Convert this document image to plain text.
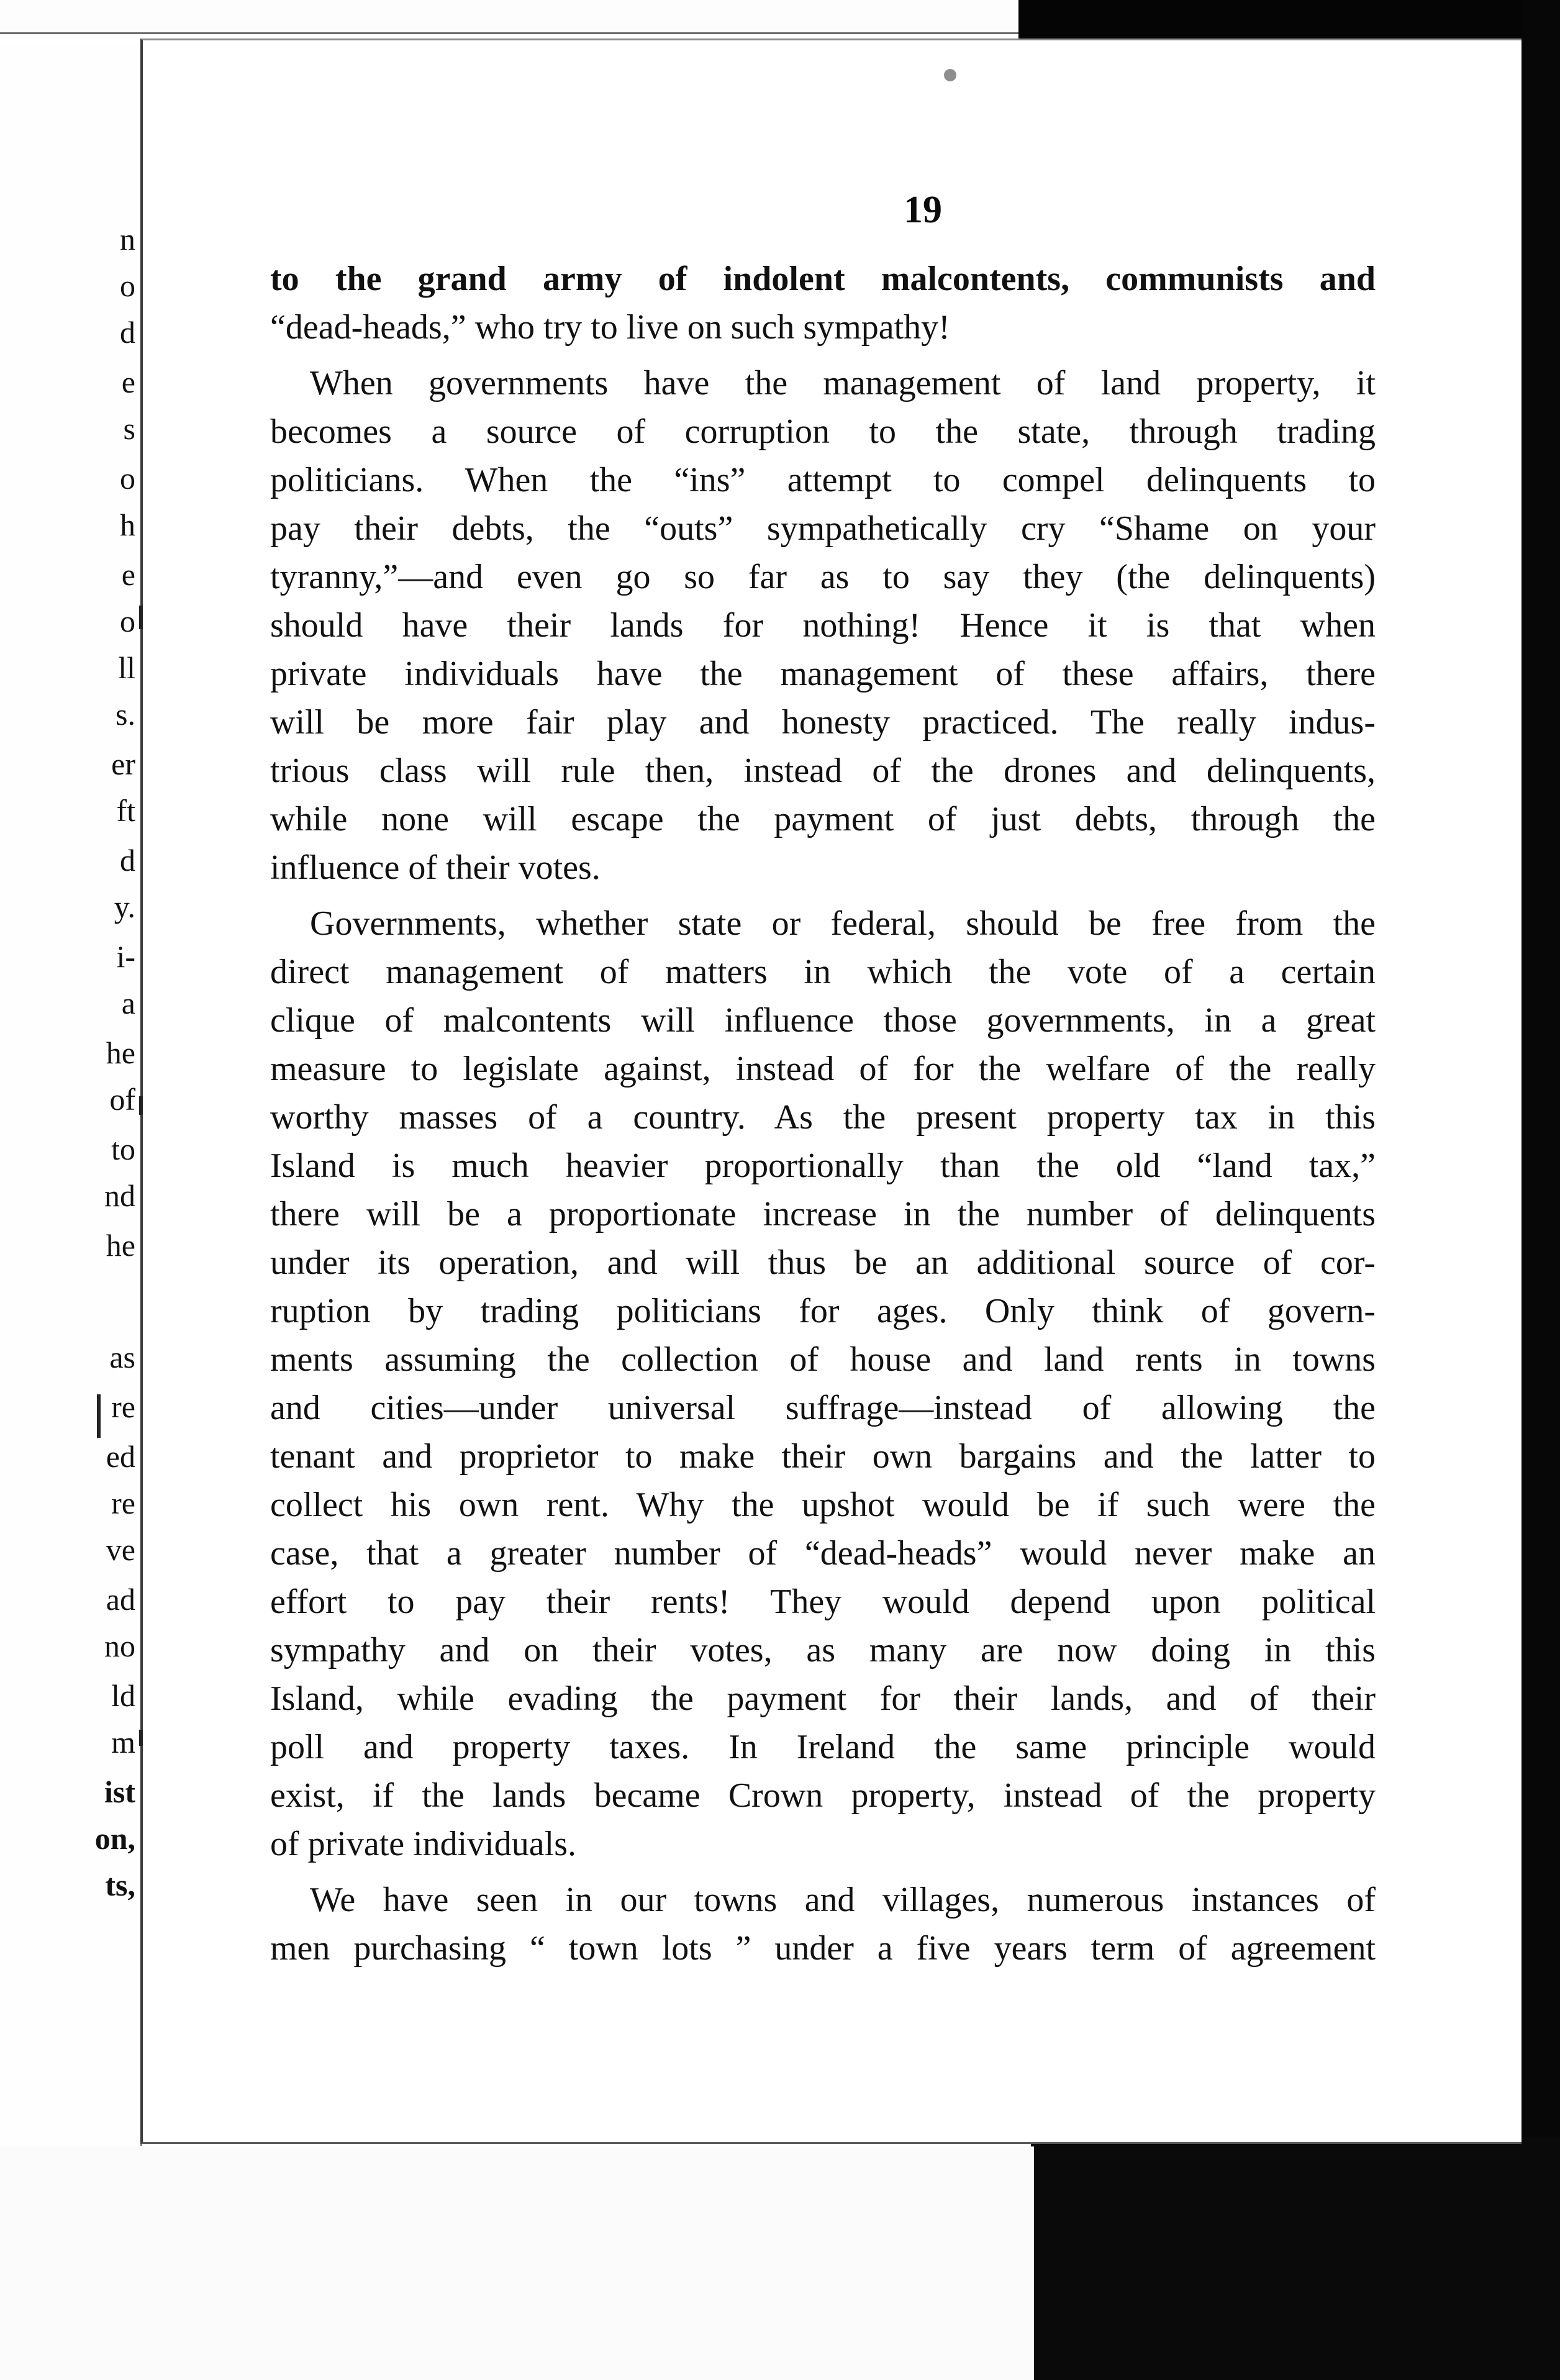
n
o
d
e
s
o
h
e
o
ll
s.
er
ft
d
y.
i-
a
he
of
to
nd
he
as
re
ed
re
ve
ad
no
ld
m
ist
on,
ts,
19
to the grand army of indolent malcontents, communists and
“dead-heads,” who try to live on such sympathy!
When governments have the management of land property, it
becomes a source of corruption to the state, through trading
politicians. When the “ins” attempt to compel delinquents to
pay their debts, the “outs” sympathetically cry “Shame on your
tyranny,”—and even go so far as to say they (the delinquents)
should have their lands for nothing! Hence it is that when
private individuals have the management of these affairs, there
will be more fair play and honesty practiced. The really indus-
trious class will rule then, instead of the drones and delinquents,
while none will escape the payment of just debts, through the
influence of their votes.
Governments, whether state or federal, should be free from the
direct management of matters in which the vote of a certain
clique of malcontents will influence those governments, in a great
measure to legislate against, instead of for the welfare of the really
worthy masses of a country. As the present property tax in this
Island is much heavier proportionally than the old “land tax,”
there will be a proportionate increase in the number of delinquents
under its operation, and will thus be an additional source of cor-
ruption by trading politicians for ages. Only think of govern-
ments assuming the collection of house and land rents in towns
and cities—under universal suffrage—instead of allowing the
tenant and proprietor to make their own bargains and the latter to
collect his own rent. Why the upshot would be if such were the
case, that a greater number of “dead-heads” would never make an
effort to pay their rents! They would depend upon political
sympathy and on their votes, as many are now doing in this
Island, while evading the payment for their lands, and of their
poll and property taxes. In Ireland the same principle would
exist, if the lands became Crown property, instead of the property
of private individuals.
We have seen in our towns and villages, numerous instances of
men purchasing “ town lots ” under a five years term of agreement
